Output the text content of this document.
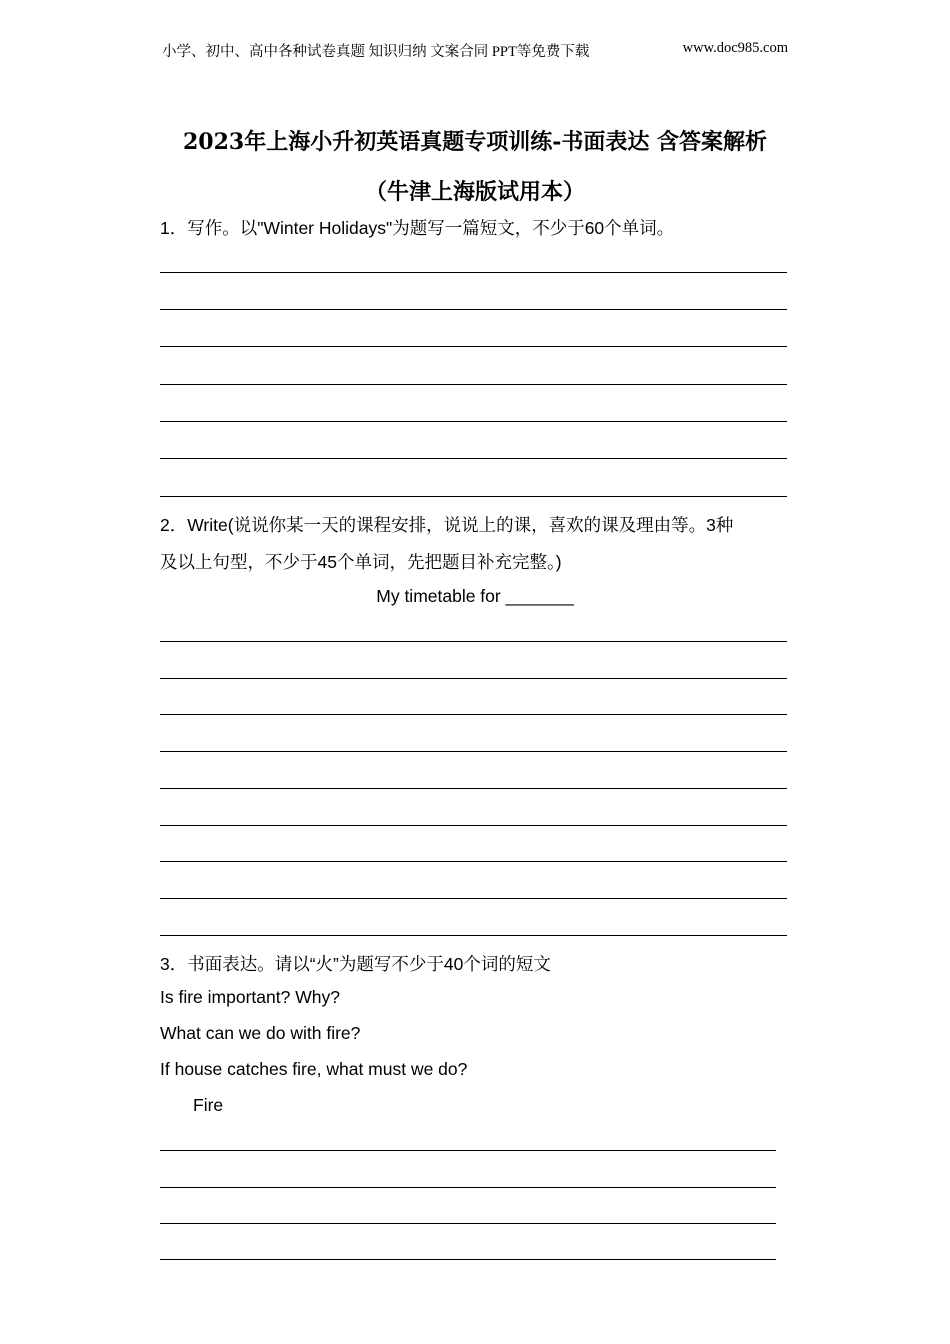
小学、初中、高中各种试卷真题 知识归纳 文案合同 PPT等免费下载	www.doc985.com
2023年上海小升初英语真题专项训练-书面表达 含答案解析
（牛津上海版试用本）
1．写作。以"Winter Holidays"为题写一篇短文，不少于60个单词。
2．Write(说说你某一天的课程安排，说说上的课，喜欢的课及理由等。3种
及以上句型，不少于45个单词，先把题目补充完整。)
My timetable for _______
3．书面表达。请以“火”为题写不少于40个词的短文
Is fire important? Why?
What can we do with fire?
If house catches fire, what must we do?
Fire
